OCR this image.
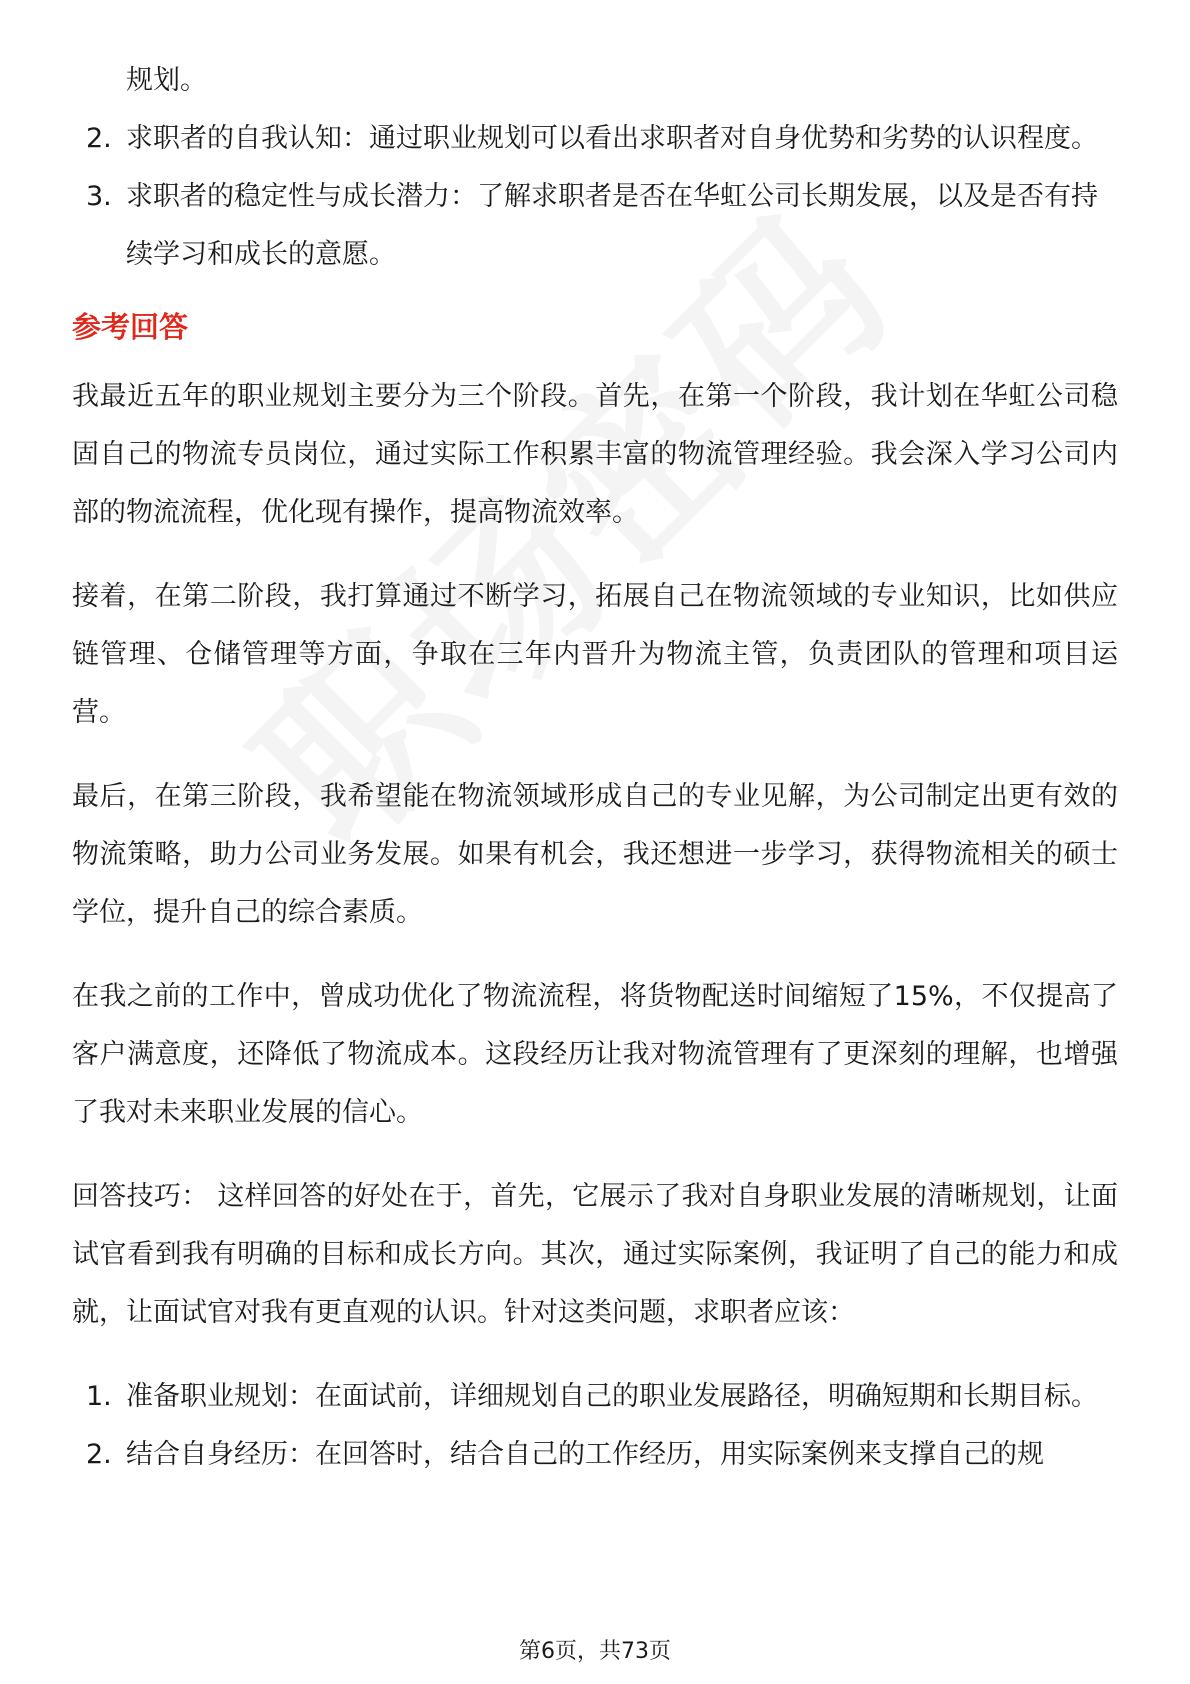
规划。
2. 求职者的自我认知：通过职业规划可以看出求职者对自身优势和劣势的认识程度。
3. 求职者的稳定性与成长潜力：了解求职者是否在华虹公司长期发展，以及是否有持续学习和成长的意愿。
参考回答

我最近五年的职业规划主要分为三个阶段。首先，在第一个阶段，我计划在华虹公司稳固自己的物流专员岗位，通过实际工作积累丰富的物流管理经验。我会深入学习公司内部的物流流程，优化现有操作，提高物流效率。

接着，在第二阶段，我打算通过不断学习，拓展自己在物流领域的专业知识，比如供应链管理、仓储管理等方面，争取在三年内晋升为物流主管，负责团队的管理和项目运营。

最后，在第三阶段，我希望能在物流领域形成自己的专业见解，为公司制定出更有效的物流策略，助力公司业务发展。如果有机会，我还想进一步学习，获得物流相关的硕士学位，提升自己的综合素质。

在我之前的工作中，曾成功优化了物流流程，将货物配送时间缩短了15%，不仅提高了客户满意度，还降低了物流成本。这段经历让我对物流管理有了更深刻的理解，也增强了我对未来职业发展的信心。

回答技巧： 这样回答的好处在于，首先，它展示了我对自身职业发展的清晰规划，让面试官看到我有明确的目标和成长方向。其次，通过实际案例，我证明了自己的能力和成就，让面试官对我有更直观的认识。针对这类问题，求职者应该：

1. 准备职业规划：在面试前，详细规划自己的职业发展路径，明确短期和长期目标。
2. 结合自身经历：在回答时，结合自己的工作经历，用实际案例来支撑自己的规
第6页，共73页
